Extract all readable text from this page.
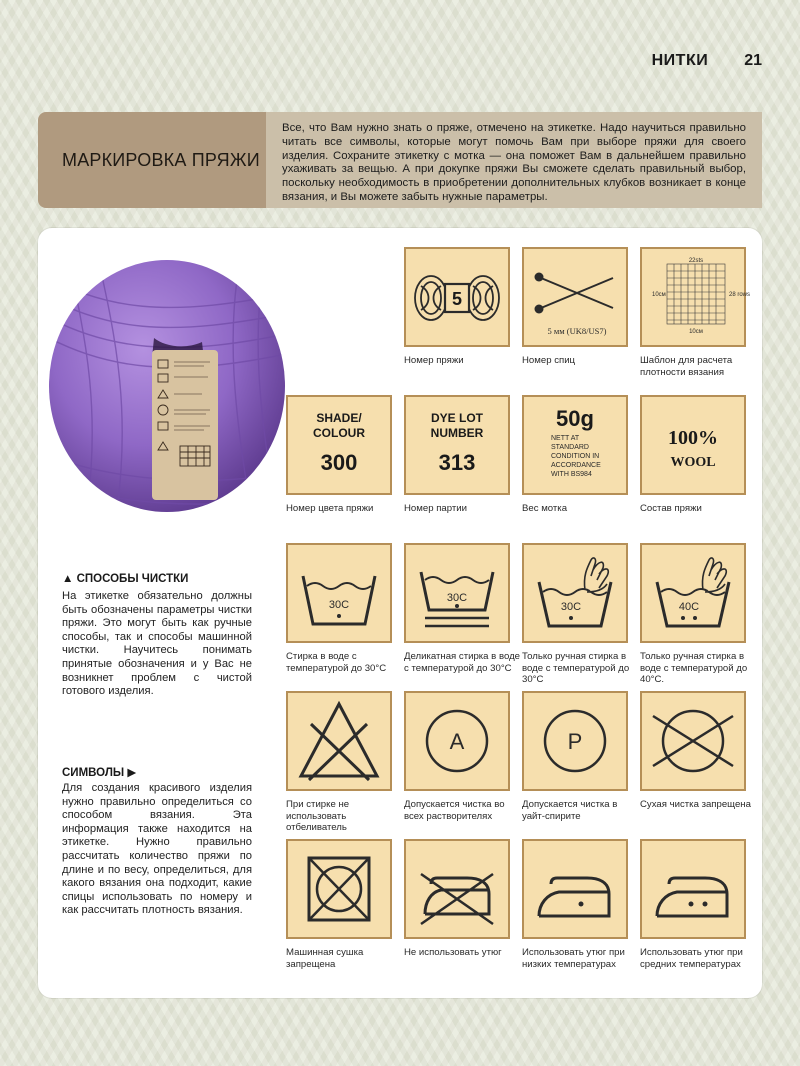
НИТКИ 21
МАРКИРОВКА ПРЯЖИ
Все, что Вам нужно знать о пряже, отмечено на этикетке. Надо научиться правильно читать все символы, которые могут помочь Вам при выборе пряжи для своего изделия. Сохраните этикетку с мотка — она поможет Вам в дальнейшем правильно ухаживать за вещью. А при докупке пряжи Вы сможете сделать правильный выбор, поскольку необходимость в приобретении дополнительных клубков возникает в конце вязания, и Вы можете забыть нужные параметры.
▲ СПОСОБЫ ЧИСТКИ
На этикетке обязательно должны быть обозначены параметры чистки пряжи. Это могут быть как ручные способы, так и способы машинной чистки. Научитесь понимать принятые обозначения и у Вас не возникнет проблем с чистой готового изделия.
СИМВОЛЫ ▶
Для создания красивого изделия нужно правильно определиться со способом вязания. Эта информация также находится на этикетке. Нужно правильно рассчитать количество пряжи по длине и по весу, определиться, для какого вязания она подходит, какие спицы использовать по номеру и как рассчитать плотность вязания.
5
Номер пряжи
5 мм (UK8/US7)
Номер спиц
22sts
28 rows
10см
10см
Шаблон для расчета плотности вязания
SHADE/
COLOUR
300
Номер цвета пряжи
DYE LOT
NUMBER
313
Номер партии
50g
NETT AT
STANDARD
CONDITION IN
ACCORDANCE
WITH BS984
Вес мотка
100%
WOOL
Состав пряжи
30C
Стирка в воде с температурой до 30°С
30C
Деликатная стирка в воде с температурой до 30°С
30C
Только ручная стирка в воде с температурой до 30°С
40C
Только ручная стирка в воде с температурой до 40°С.
При стирке не использовать отбеливатель
A
Допускается чистка во всех растворителях
P
Допускается чистка в уайт-спирите
Сухая чистка запрещена
Машинная сушка запрещена
Не использовать утюг	Использовать утюг при низких температурах
Использовать утюг при средних температурах
